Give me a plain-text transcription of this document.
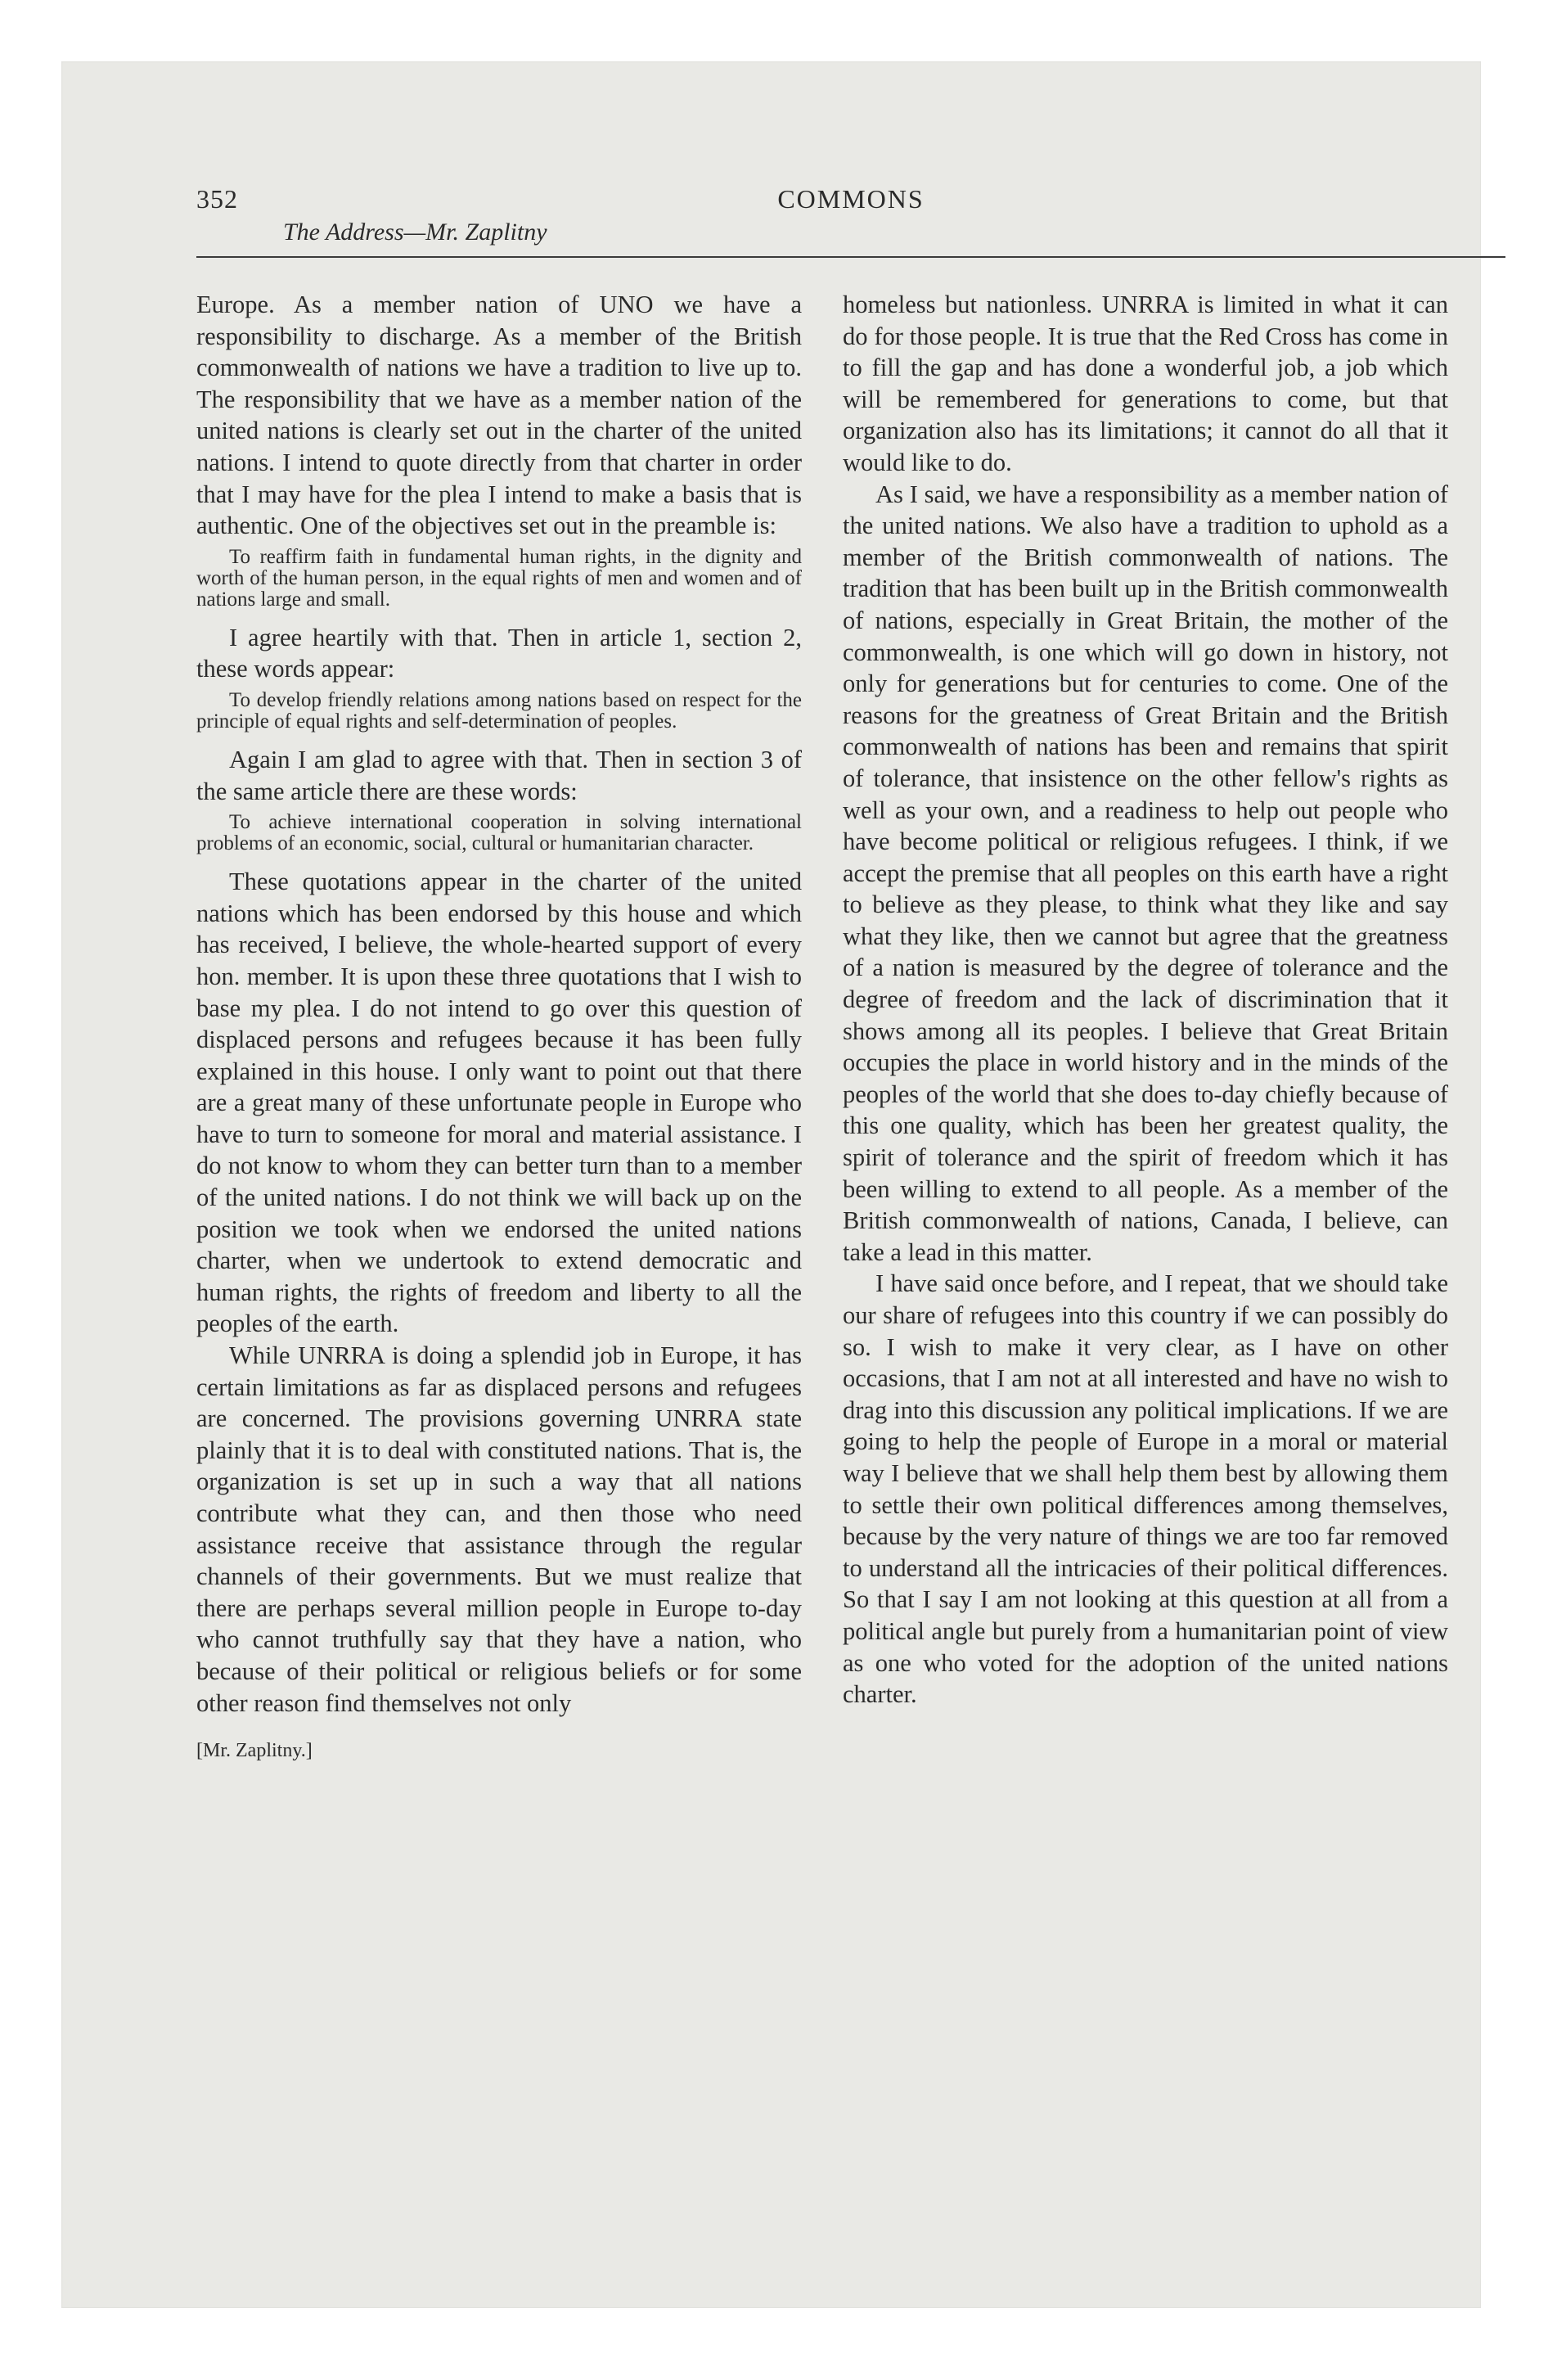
352	COMMONS
The Address—Mr. Zaplitny

Europe. As a member nation of UNO we have a responsibility to discharge. As a member of the British commonwealth of nations we have a tradition to live up to. The responsibility that we have as a member nation of the united nations is clearly set out in the charter of the united nations. I intend to quote directly from that charter in order that I may have for the plea I intend to make a basis that is authentic. One of the objectives set out in the preamble is:

To reaffirm faith in fundamental human rights, in the dignity and worth of the human person, in the equal rights of men and women and of nations large and small.

I agree heartily with that. Then in article 1, section 2, these words appear:

To develop friendly relations among nations based on respect for the principle of equal rights and self-determination of peoples.

Again I am glad to agree with that. Then in section 3 of the same article there are these words:

To achieve international cooperation in solving international problems of an economic, social, cultural or humanitarian character.

These quotations appear in the charter of the united nations which has been endorsed by this house and which has received, I believe, the whole-hearted support of every hon. member. It is upon these three quotations that I wish to base my plea. I do not intend to go over this question of displaced persons and refugees because it has been fully explained in this house. I only want to point out that there are a great many of these unfortunate people in Europe who have to turn to someone for moral and material assistance. I do not know to whom they can better turn than to a member of the united nations. I do not think we will back up on the position we took when we endorsed the united nations charter, when we undertook to extend democratic and human rights, the rights of freedom and liberty to all the peoples of the earth.

While UNRRA is doing a splendid job in Europe, it has certain limitations as far as displaced persons and refugees are concerned. The provisions governing UNRRA state plainly that it is to deal with constituted nations. That is, the organization is set up in such a way that all nations contribute what they can, and then those who need assistance receive that assistance through the regular channels of their governments. But we must realize that there are perhaps several million people in Europe to-day who cannot truthfully say that they have a nation, who because of their political or religious beliefs or for some other reason find themselves not only

[Mr. Zaplitny.]

homeless but nationless. UNRRA is limited in what it can do for those people. It is true that the Red Cross has come in to fill the gap and has done a wonderful job, a job which will be remembered for generations to come, but that organization also has its limitations; it cannot do all that it would like to do.

As I said, we have a responsibility as a member nation of the united nations. We also have a tradition to uphold as a member of the British commonwealth of nations. The tradition that has been built up in the British commonwealth of nations, especially in Great Britain, the mother of the commonwealth, is one which will go down in history, not only for generations but for centuries to come. One of the reasons for the greatness of Great Britain and the British commonwealth of nations has been and remains that spirit of tolerance, that insistence on the other fellow's rights as well as your own, and a readiness to help out people who have become political or religious refugees. I think, if we accept the premise that all peoples on this earth have a right to believe as they please, to think what they like and say what they like, then we cannot but agree that the greatness of a nation is measured by the degree of tolerance and the degree of freedom and the lack of discrimination that it shows among all its peoples. I believe that Great Britain occupies the place in world history and in the minds of the peoples of the world that she does to-day chiefly because of this one quality, which has been her greatest quality, the spirit of tolerance and the spirit of freedom which it has been willing to extend to all people. As a member of the British commonwealth of nations, Canada, I believe, can take a lead in this matter.

I have said once before, and I repeat, that we should take our share of refugees into this country if we can possibly do so. I wish to make it very clear, as I have on other occasions, that I am not at all interested and have no wish to drag into this discussion any political implications. If we are going to help the people of Europe in a moral or material way I believe that we shall help them best by allowing them to settle their own political differences among themselves, because by the very nature of things we are too far removed to understand all the intricacies of their political differences. So that I say I am not looking at this question at all from a political angle but purely from a humanitarian point of view as one who voted for the adoption of the united nations charter.
